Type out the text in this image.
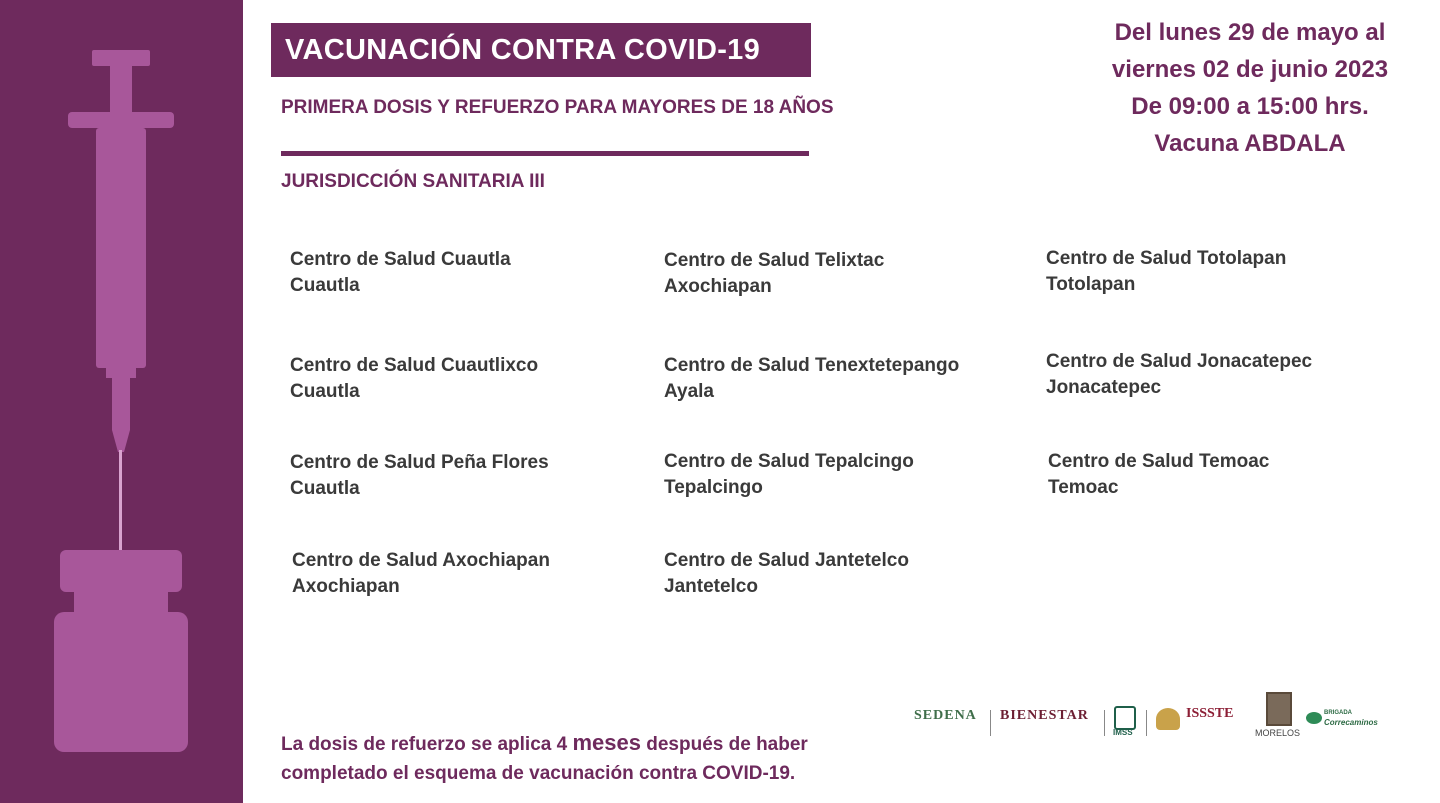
VACUNACIÓN CONTRA COVID-19
PRIMERA DOSIS Y REFUERZO PARA MAYORES DE 18 AÑOS
JURISDICCIÓN SANITARIA III
Del lunes 29 de mayo al
viernes 02 de junio 2023
De 09:00 a 15:00 hrs.
Vacuna ABDALA
Centro de Salud Cuautla
Cuautla
Centro de Salud Cuautlixco
Cuautla
Centro de Salud Peña Flores
Cuautla
Centro de Salud Axochiapan
Axochiapan
Centro de Salud Telixtac
Axochiapan
Centro de Salud Tenextetepango
Ayala
Centro de Salud Tepalcingo
Tepalcingo
Centro de Salud Jantetelco
Jantetelco
Centro de Salud Totolapan
Totolapan
Centro de Salud Jonacatepec
Jonacatepec
Centro de Salud Temoac
Temoac
La dosis de refuerzo se aplica 4 meses después de haber
completado el esquema de vacunación contra COVID-19.
SEDENA BIENESTAR
IMSS
ISSSTE
MORELOS
BRIGADA
Correcaminos
